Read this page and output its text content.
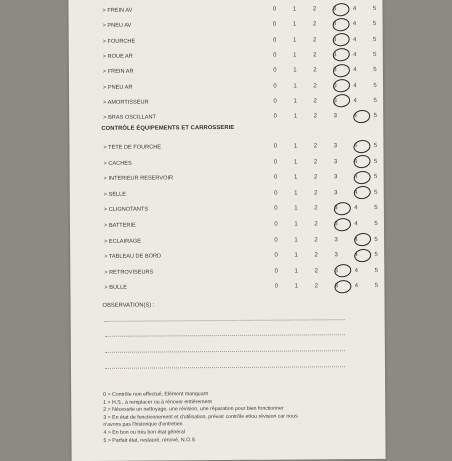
> FREIN AV	0	1	2	3	4	5
> PNEU AV	0	1	2	3	4	5
> FOURCHE	0	1	2	3	4	5
> ROUE AR	0	1	2	3	4	5
> FREIN AR	0	1	2	3	4	5
> PNEU AR	0	1	2	3	4	5
> AMORTISSEUR	0	1	2	3	4	5
> BRAS OSCILLANT	0	1	2	3	4	5
CONTRÔLE ÉQUIPEMENTS ET CARROSSERIE
> TETE DE FOURCHE	0	1	2	3	4	5
> CACHES	0	1	2	3	4	5
> INTERIEUR RESERVOIR	0	1	2	3	4	5
> SELLE	0	1	2	3	4	5
> CLIGNOTANTS	0	1	2	3	4	5
> BATTERIE	0	1	2	3	4	5
> ECLAIRAGE	0	1	2	3	4	5
> TABLEAU DE BORD	0	1	2	3	4	5
> RETROVISEURS	0	1	2	3	4	5
> BULLE	0	1	2	3	4	5
OBSERVATION(S) :
0 > Contrôle non effectué, Elément manquant
1 > H.S., à remplacer ou à rénover entièrement
2 > Nécessite un nettoyage, une révision, une réparation pour bien fonctionner
3 > En état de fonctionnement et d'utilisation, prévoir contrôle et/ou révision car nous
n'avons pas l'historique d'entretien
4 > En bon ou très bon état général
5 > Parfait état, restauré, rénové, N.O.S
